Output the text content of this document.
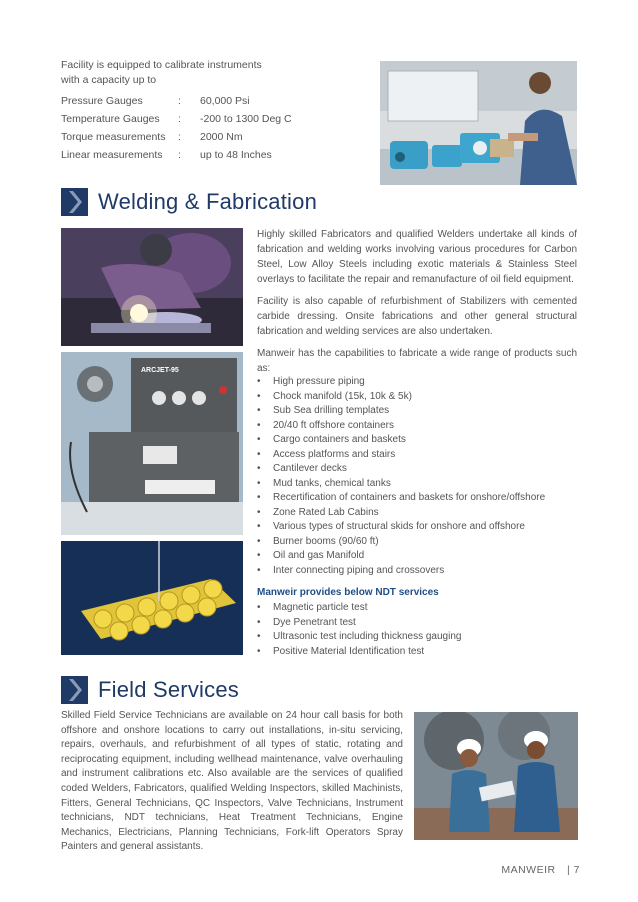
Facility is equipped to calibrate instruments
with a capacity up to
Pressure Gauges	:	60,000 Psi
Temperature Gauges	:	-200 to 1300 Deg C
Torque measurements	:	2000 Nm
Linear measurements	:	up to 48 Inches
Welding & Fabrication
ARCJET-95

Highly skilled Fabricators and qualified Welders undertake all kinds of fabrication and welding works involving various procedures for Carbon Steel, Low Alloy Steels including exotic materials & Stainless Steel overlays to facilitate the repair and remanufacture of oil field equipment.

Facility is also capable of refurbishment of Stabilizers with cemented carbide dressing. Onsite fabrications and other general structural fabrication and welding services are also undertaken.

Manweir has the capabilities to fabricate a wide range of products such as:

• High pressure piping
• Chock manifold (15k, 10k & 5k)
• Sub Sea drilling templates
• 20/40 ft offshore containers
• Cargo containers and baskets
• Access platforms and stairs
• Cantilever decks
• Mud tanks, chemical tanks
• Recertification of containers and baskets for onshore/offshore
• Zone Rated Lab Cabins
• Various types of structural skids for onshore and offshore
• Burner booms (90/60 ft)
• Oil and gas Manifold
• Inter connecting piping and crossovers
Manweir provides below NDT services
• Magnetic particle test
• Dye Penetrant test
• Ultrasonic test including thickness gauging
• Positive Material Identification test
Field Services

Skilled Field Service Technicians are available on 24 hour call basis for both offshore and onshore locations to carry out installations, in-situ servicing, repairs, overhauls, and refurbishment of all types of static, rotating and reciprocating equipment, including wellhead maintenance, valve overhauling and instrument calibrations etc. Also available are the services of qualified coded Welders, Fabricators, qualified Welding Inspectors, skilled Machinists, Fitters, General Technicians, QC Inspectors, Valve Technicians, Instrument technicians, NDT technicians, Heat Treatment Technicians, Engine Mechanics, Electricians, Planning Technicians, Fork-lift Operators Spray Painters and general assistants.

MANWEIR | 7
